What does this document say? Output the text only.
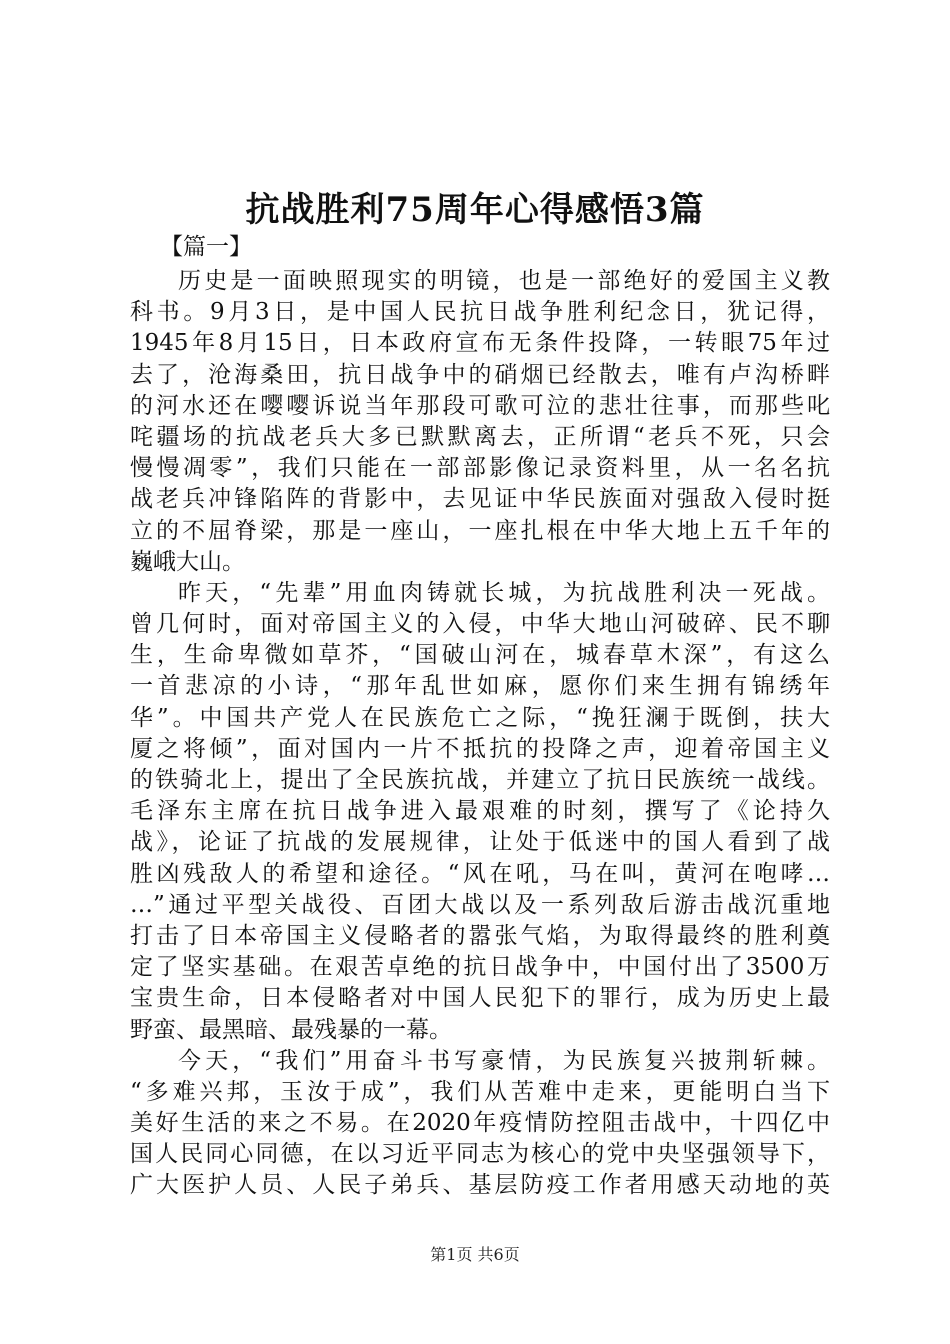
抗战胜利75周年心得感悟3篇
【篇一】
历史是一面映照现实的明镜，也是一部绝好的爱国主义教
科书。9月3日，是中国人民抗日战争胜利纪念日，犹记得，
1945年8月15日，日本政府宣布无条件投降，一转眼75年过
去了，沧海桑田，抗日战争中的硝烟已经散去，唯有卢沟桥畔
的河水还在嘤嘤诉说当年那段可歌可泣的悲壮往事，而那些叱
咤疆场的抗战老兵大多已默默离去，正所谓“老兵不死，只会
慢慢凋零”，我们只能在一部部影像记录资料里，从一名名抗
战老兵冲锋陷阵的背影中，去见证中华民族面对强敌入侵时挺
立的不屈脊梁，那是一座山，一座扎根在中华大地上五千年的
巍峨大山。
昨天，“先辈”用血肉铸就长城，为抗战胜利决一死战。
曾几何时，面对帝国主义的入侵，中华大地山河破碎、民不聊
生，生命卑微如草芥，“国破山河在，城春草木深”，有这么
一首悲凉的小诗，“那年乱世如麻，愿你们来生拥有锦绣年
华”。中国共产党人在民族危亡之际，“挽狂澜于既倒，扶大
厦之将倾”，面对国内一片不抵抗的投降之声，迎着帝国主义
的铁骑北上，提出了全民族抗战，并建立了抗日民族统一战线。
毛泽东主席在抗日战争进入最艰难的时刻，撰写了《论持久
战》，论证了抗战的发展规律，让处于低迷中的国人看到了战
胜凶残敌人的希望和途径。“风在吼，马在叫，黄河在咆哮…
…”通过平型关战役、百团大战以及一系列敌后游击战沉重地
打击了日本帝国主义侵略者的嚣张气焰，为取得最终的胜利奠
定了坚实基础。在艰苦卓绝的抗日战争中，中国付出了3500万
宝贵生命，日本侵略者对中国人民犯下的罪行，成为历史上最
野蛮、最黑暗、最残暴的一幕。
今天，“我们”用奋斗书写豪情，为民族复兴披荆斩棘。
“多难兴邦，玉汝于成”，我们从苦难中走来，更能明白当下
美好生活的来之不易。在2020年疫情防控阻击战中，十四亿中
国人民同心同德，在以习近平同志为核心的党中央坚强领导下，
广大医护人员、人民子弟兵、基层防疫工作者用感天动地的英
第1页 共6页
